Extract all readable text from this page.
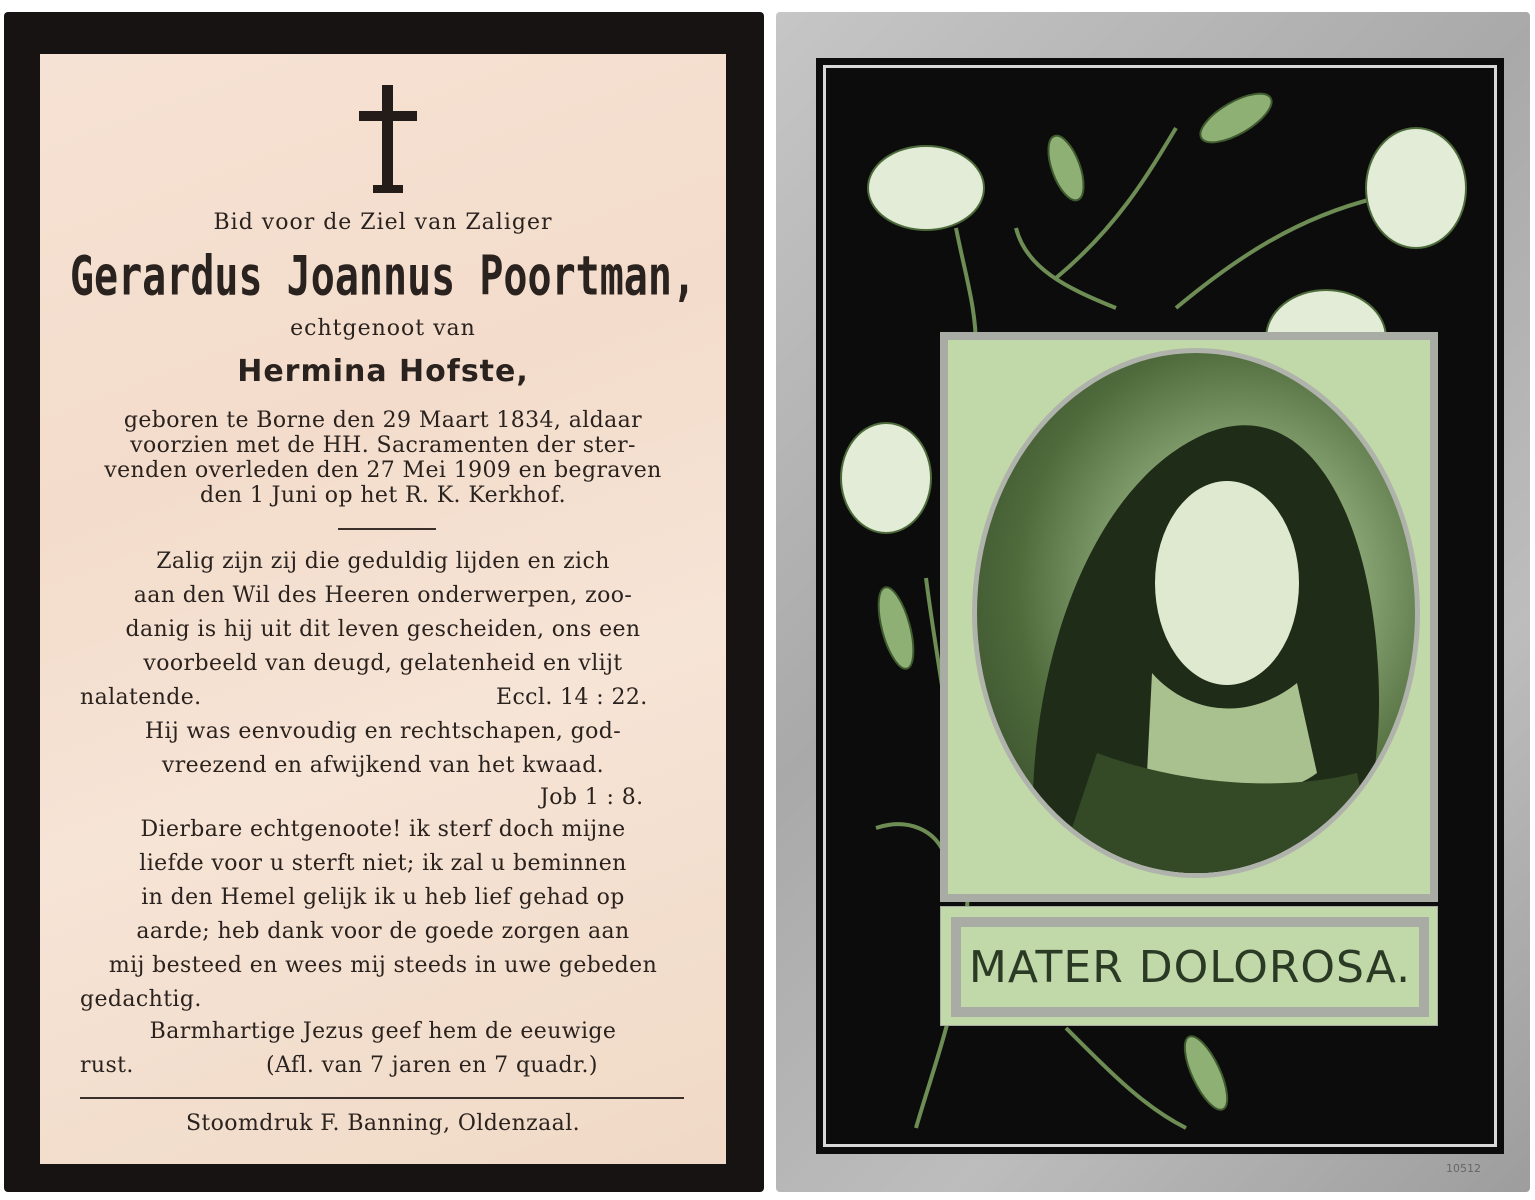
Bid voor de Ziel van Zaliger
Gerardus Joannus Poortman,
echtgenoot van
Hermina Hofste,
geboren te Borne den 29 Maart 1834, aldaar
voorzien met de HH. Sacramenten der ster-
venden overleden den 27 Mei 1909 en begraven
den 1 Juni op het R. K. Kerkhof.
Zalig zijn zij die geduldig lijden en zich
aan den Wil des Heeren onderwerpen, zoo-
danig is hij uit dit leven gescheiden, ons een
voorbeeld van deugd, gelatenheid en vlijt
nalatende.	Eccl. 14 : 22.
Hij was eenvoudig en rechtschapen, god-
vreezend en afwijkend van het kwaad.
Job 1 : 8.
Dierbare echtgenoote! ik sterf doch mijne
liefde voor u sterft niet; ik zal u beminnen
in den Hemel gelijk ik u heb lief gehad op
aarde; heb dank voor de goede zorgen aan
mij besteed en wees mij steeds in uwe gebeden
gedachtig.
Barmhartige Jezus geef hem de eeuwige
rust.	(Afl. van 7 jaren en 7 quadr.)
Stoomdruk F. Banning, Oldenzaal.
MATER DOLOROSA.
10512
